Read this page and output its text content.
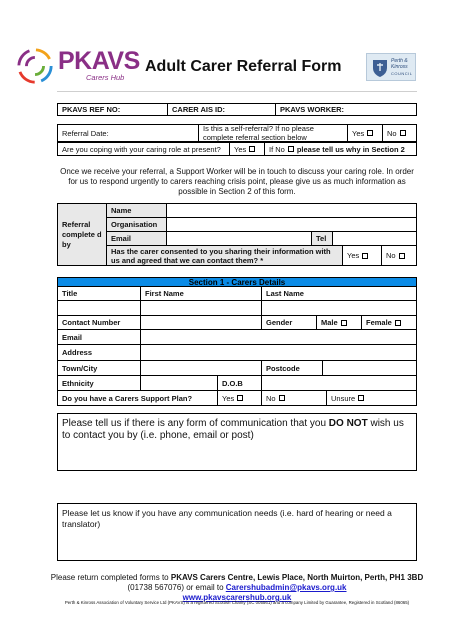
PKAVS
Carers Hub
Adult Carer Referral Form	Perth &
Kinross
COUNCIL
PKAVS REF NO:	CARER AIS ID:	PKAVS WORKER:
Referral Date:	Is this a self-referral? If no please complete referral section below	Yes	No
Are you coping with your caring role at present? Yes	If No please tell us why in Section 2
Once we receive your referral, a Support Worker will be in touch to discuss your caring role. In order for us to respond urgently to carers reaching crisis point, please give us as much information as possible in Section 2 of this form.
Referral complete d by
Name
Organisation
Email	Tel
Has the carer consented to you sharing their information with us and agreed that we can contact them? *	Yes	No
Section 1 - Carers Details
Title	First Name	Last Name
Contact Number	Gender	Male	Female
Email
Address
Town/City	Postcode
Ethnicity	D.O.B
Do you have a Carers Support Plan?	Yes	No	Unsure
Please tell us if there is any form of communication that you DO NOT wish us to contact you by (i.e. phone, email or post)
Please let us know if you have any communication needs (i.e. hard of hearing or need a translator)
Please return completed forms to PKAVS Carers Centre, Lewis Place, North Muirton, Perth, PH1 3BD (01738 567076) or email to Carershubadmin@pkavs.org.uk
www.pkavscarershub.org.uk
Perth & Kinross Association of Voluntary Service Ltd (PKAVS) is a registered Scottish Charity (SC 005561) and a company Limited by Guarantee, Registered in Scotland (86065)
